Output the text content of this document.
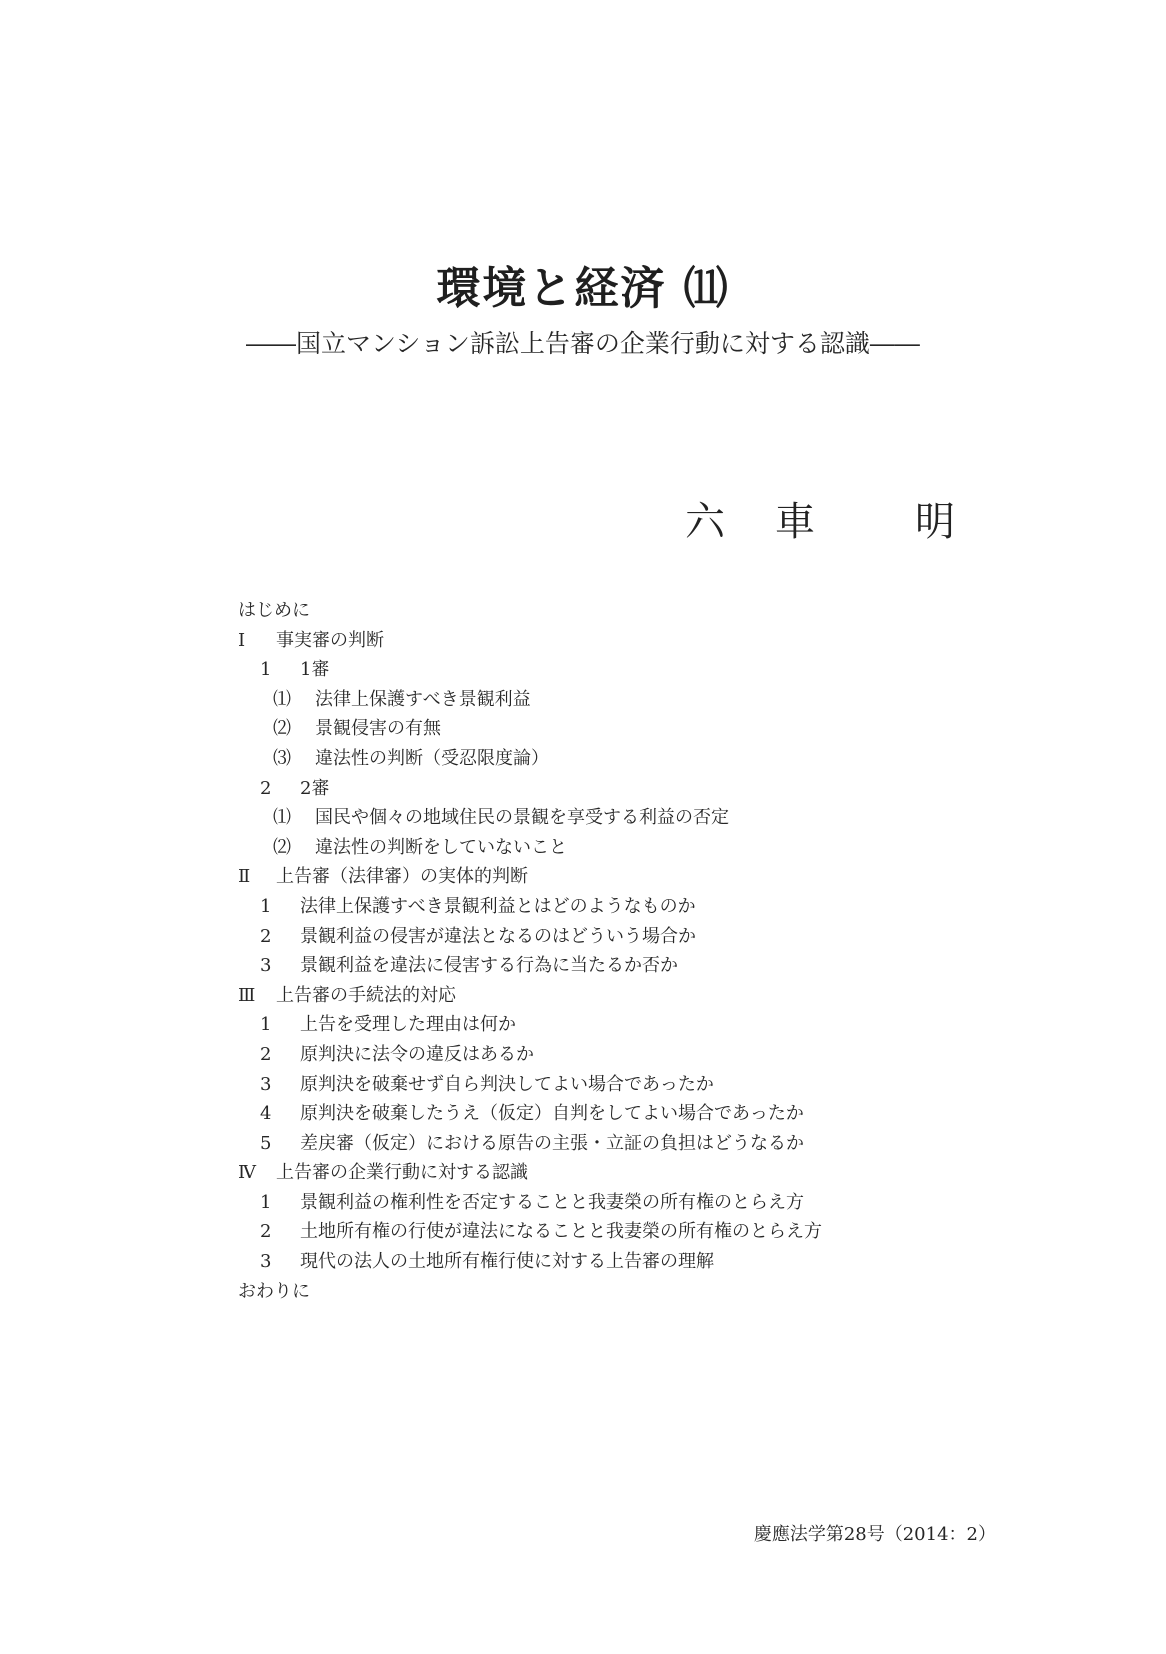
環境と経済 ⑾

――国立マンション訴訟上告審の企業行動に対する認識――

六 車	明
はじめに
Ⅰ 事実審の判断
1 1審
⑴ 法律上保護すべき景観利益
⑵ 景観侵害の有無
⑶ 違法性の判断（受忍限度論）
2 2審
⑴ 国民や個々の地域住民の景観を享受する利益の否定
⑵ 違法性の判断をしていないこと
Ⅱ 上告審（法律審）の実体的判断
1 法律上保護すべき景観利益とはどのようなものか
2 景観利益の侵害が違法となるのはどういう場合か
3 景観利益を違法に侵害する行為に当たるか否か
Ⅲ 上告審の手続法的対応
1 上告を受理した理由は何か
2 原判決に法令の違反はあるか
3 原判決を破棄せず自ら判決してよい場合であったか
4 原判決を破棄したうえ（仮定）自判をしてよい場合であったか
5 差戻審（仮定）における原告の主張・立証の負担はどうなるか
Ⅳ 上告審の企業行動に対する認識
1 景観利益の権利性を否定することと我妻榮の所有権のとらえ方
2 土地所有権の行使が違法になることと我妻榮の所有権のとらえ方
3 現代の法人の土地所有権行使に対する上告審の理解
おわりに
慶應法学第28号（2014：2）
